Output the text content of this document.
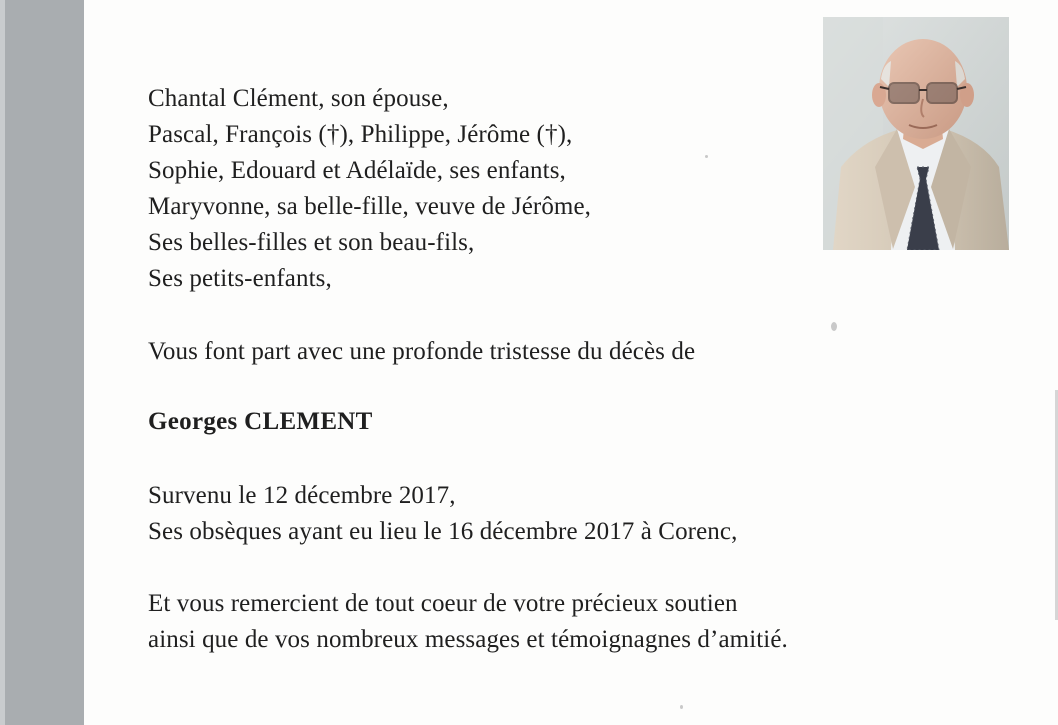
Chantal Clément, son épouse,
Pascal, François (†), Philippe, Jérôme (†),
Sophie, Edouard et Adélaïde, ses enfants,
Maryvonne, sa belle-fille, veuve de Jérôme,
Ses belles-filles et son beau-fils,
Ses petits-enfants,
Vous font part avec une profonde tristesse du décès de
Georges CLEMENT
Survenu le 12 décembre 2017,
Ses obsèques ayant eu lieu le 16 décembre 2017 à Corenc,
Et vous remercient de tout coeur de votre précieux soutien
ainsi que de vos nombreux messages et témoignagnes d’amitié.
